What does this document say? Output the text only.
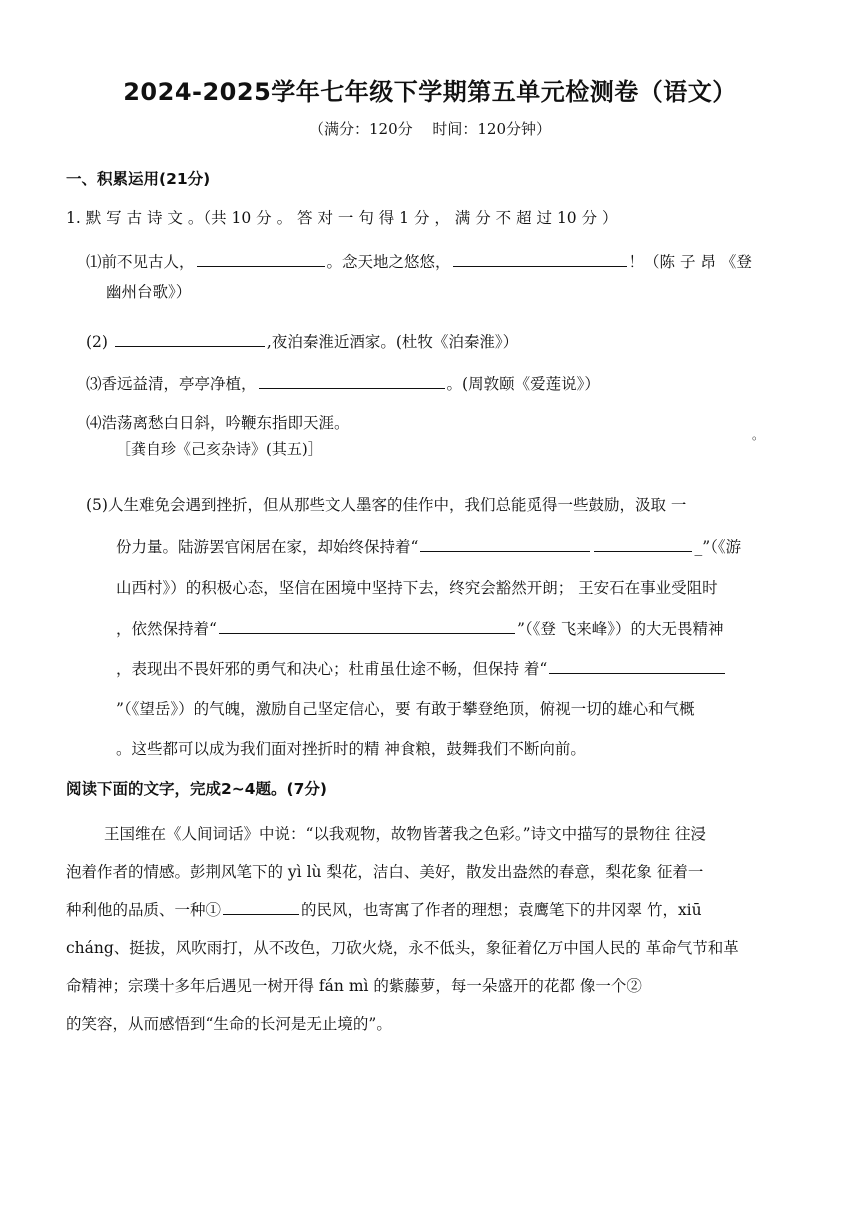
2024-2025学年七年级下学期第五单元检测卷（语文）
（满分：120分　 时间：120分钟）
一、积累运用(21分)
1. 默 写 古 诗 文 。（共 10 分 。 答 对 一 句 得 1 分 ， 满 分 不 超 过 10 分 ）
⑴前不见古人，	。念天地之悠悠，	！（陈 子 昂 《登
幽州台歌》）
(2)	,夜泊秦淮近酒家。(杜牧《泊秦淮》）
⑶香远益清，亭亭净植，	。(周敦颐《爱莲说》）
⑷浩荡离愁白日斜，吟鞭东指即天涯。
［龚自珍《己亥杂诗》(其五)］
。
(5)人生难免会遇到挫折，但从那些文人墨客的佳作中，我们总能觅得一些鼓励，汲取 一
份力量。陆游罢官闲居在家，却始终保持着“	_”（《游
山西村》）的积极心态，坚信在困境中坚持下去，终究会豁然开朗； 王安石在事业受阻时
，依然保持着“	”（《登 飞来峰》）的大无畏精神
，表现出不畏奸邪的勇气和决心；杜甫虽仕途不畅，但保持 着“
”（《望岳》）的气魄，激励自己坚定信心，要 有敢于攀登绝顶，俯视一切的雄心和气概
。这些都可以成为我们面对挫折时的精 神食粮，鼓舞我们不断向前。
阅读下面的文字，完成2~4题。(7分)
王国维在《人间词话》中说：“以我观物，故物皆著我之色彩。”诗文中描写的景物往 往浸
泡着作者的情感。彭荆风笔下的 yì lù 梨花，洁白、美好，散发出盎然的春意，梨花象 征着一
种利他的品质、一种①	的民风，也寄寓了作者的理想；袁鹰笔下的井冈翠 竹，xiū
cháng、挺拔，风吹雨打，从不改色，刀砍火烧，永不低头，象征着亿万中国人民的 革命气节和革
命精神；宗璞十多年后遇见一树开得 fán mì 的紫藤萝，每一朵盛开的花都 像一个②
的笑容，从而感悟到“生命的长河是无止境的”。
